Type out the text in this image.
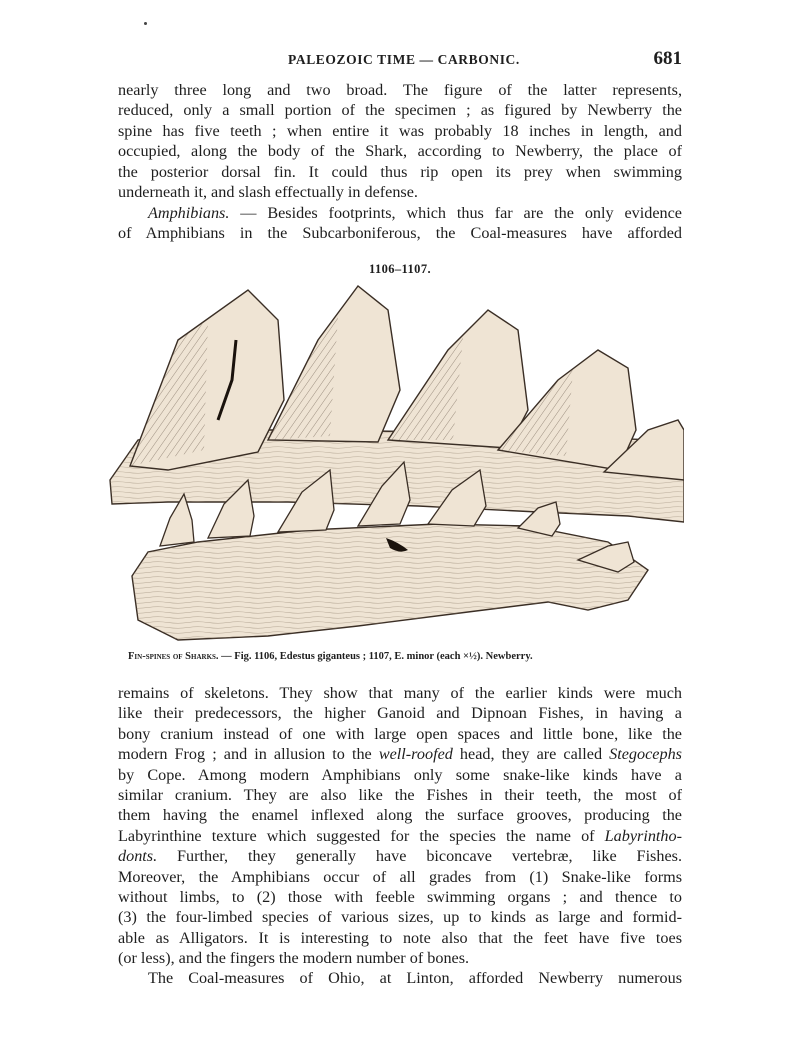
PALEOZOIC TIME — CARBONIC.	681
nearly three long and two broad. The figure of the latter represents,
reduced, only a small portion of the specimen ; as figured by Newberry the
spine has five teeth ; when entire it was probably 18 inches in length, and
occupied, along the body of the Shark, according to Newberry, the place of
the posterior dorsal fin. It could thus rip open its prey when swimming
underneath it, and slash effectually in defense.
Amphibians. — Besides footprints, which thus far are the only evidence
of Amphibians in the Subcarboniferous, the Coal-measures have afforded
1106–1107.
Fin-spines of Sharks. — Fig. 1106, Edestus giganteus ; 1107, E. minor (each ×½). Newberry.
remains of skeletons. They show that many of the earlier kinds were much
like their predecessors, the higher Ganoid and Dipnoan Fishes, in having a
bony cranium instead of one with large open spaces and little bone, like the
modern Frog ; and in allusion to the well-roofed head, they are called Stegocephs
by Cope. Among modern Amphibians only some snake-like kinds have a
similar cranium. They are also like the Fishes in their teeth, the most of
them having the enamel inflexed along the surface grooves, producing the
Labyrinthine texture which suggested for the species the name of Labyrintho-
donts. Further, they generally have biconcave vertebræ, like Fishes.
Moreover, the Amphibians occur of all grades from (1) Snake-like forms
without limbs, to (2) those with feeble swimming organs ; and thence to
(3) the four-limbed species of various sizes, up to kinds as large and formid-
able as Alligators. It is interesting to note also that the feet have five toes
(or less), and the fingers the modern number of bones.
The Coal-measures of Ohio, at Linton, afforded Newberry numerous
